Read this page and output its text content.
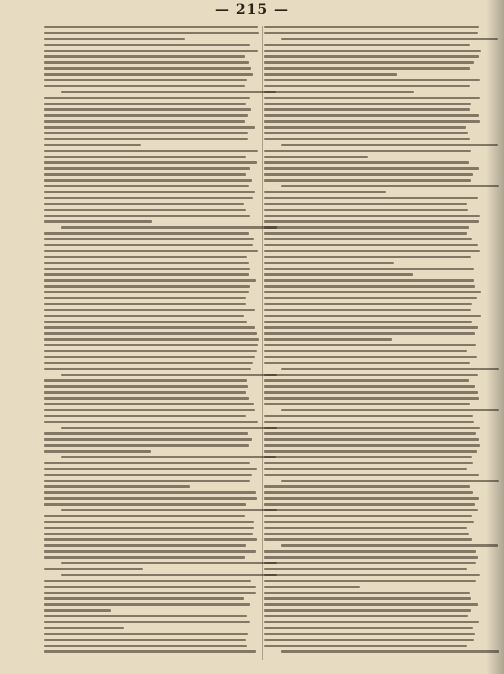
— 215 —
